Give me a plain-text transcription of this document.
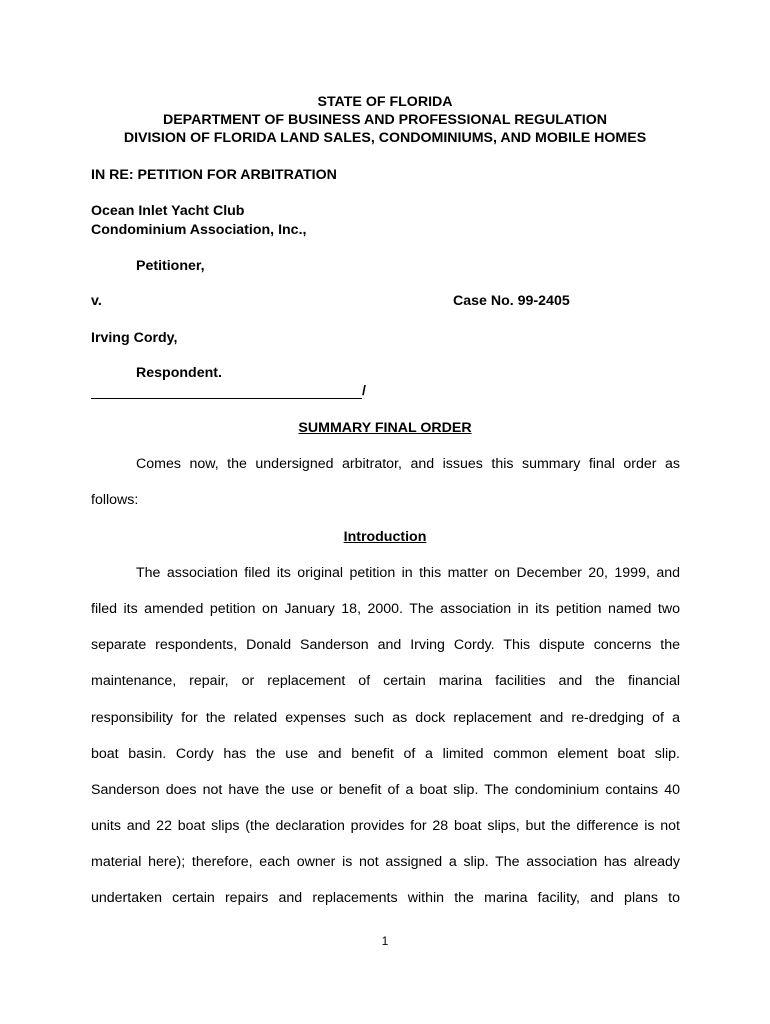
STATE OF FLORIDA
DEPARTMENT OF BUSINESS AND PROFESSIONAL REGULATION
DIVISION OF FLORIDA LAND SALES, CONDOMINIUMS, AND MOBILE HOMES
IN RE: PETITION FOR ARBITRATION
Ocean Inlet Yacht Club
Condominium Association, Inc.,
Petitioner,
v.	Case No. 99-2405
Irving Cordy,
Respondent.
/
SUMMARY FINAL ORDER
Comes now, the undersigned arbitrator, and issues this summary final order as
follows:
Introduction
The association filed its original petition in this matter on December 20, 1999, and
filed its amended petition on January 18, 2000. The association in its petition named two
separate respondents, Donald Sanderson and Irving Cordy. This dispute concerns the
maintenance, repair, or replacement of certain marina facilities and the financial
responsibility for the related expenses such as dock replacement and re-dredging of a
boat basin. Cordy has the use and benefit of a limited common element boat slip.
Sanderson does not have the use or benefit of a boat slip. The condominium contains 40
units and 22 boat slips (the declaration provides for 28 boat slips, but the difference is not
material here); therefore, each owner is not assigned a slip. The association has already
undertaken certain repairs and replacements within the marina facility, and plans to
1
